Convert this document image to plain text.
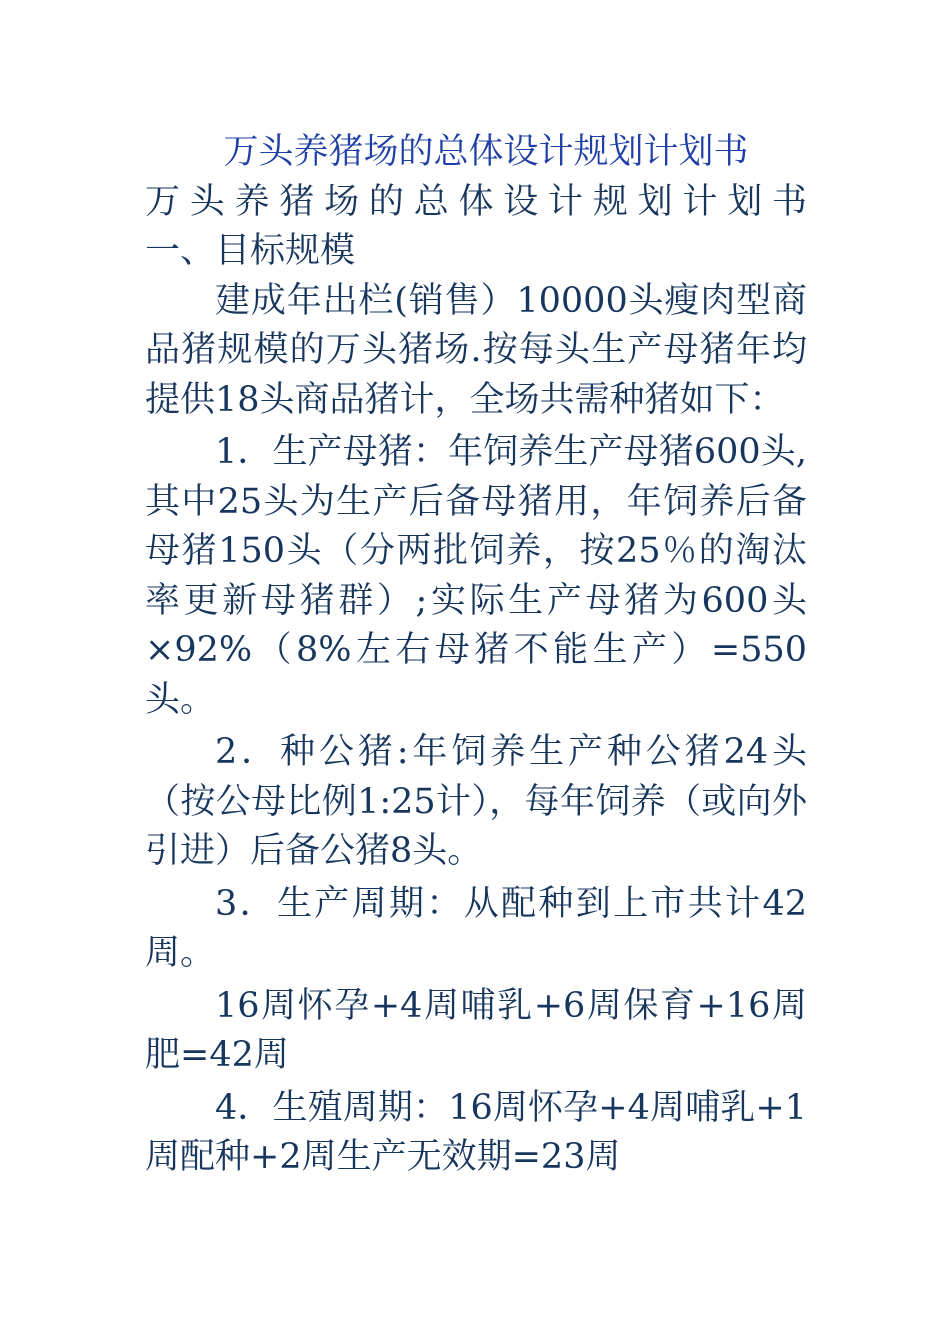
万头养猪场的总体设计规划计划书
万头养猪场的总体设计规划计划书
一、目标规模

建成年出栏(销售）10000头瘦肉型商品猪规模的万头猪场.按每头生产母猪年均提供18头商品猪计，全场共需种猪如下：

1．生产母猪：年饲养生产母猪600头,其中25头为生产后备母猪用，年饲养后备母猪150头（分两批饲养，按25％的淘汰率更新母猪群）;实际生产母猪为600头×92%（8%左右母猪不能生产）=550头。

2．种公猪:年饲养生产种公猪24头（按公母比例1:25计），每年饲养（或向外引进）后备公猪8头。

3．生产周期：从配种到上市共计42周。

16周怀孕+4周哺乳+6周保育+16周肥=42周

4．生殖周期：16周怀孕+4周哺乳+1周配种+2周生产无效期=23周
